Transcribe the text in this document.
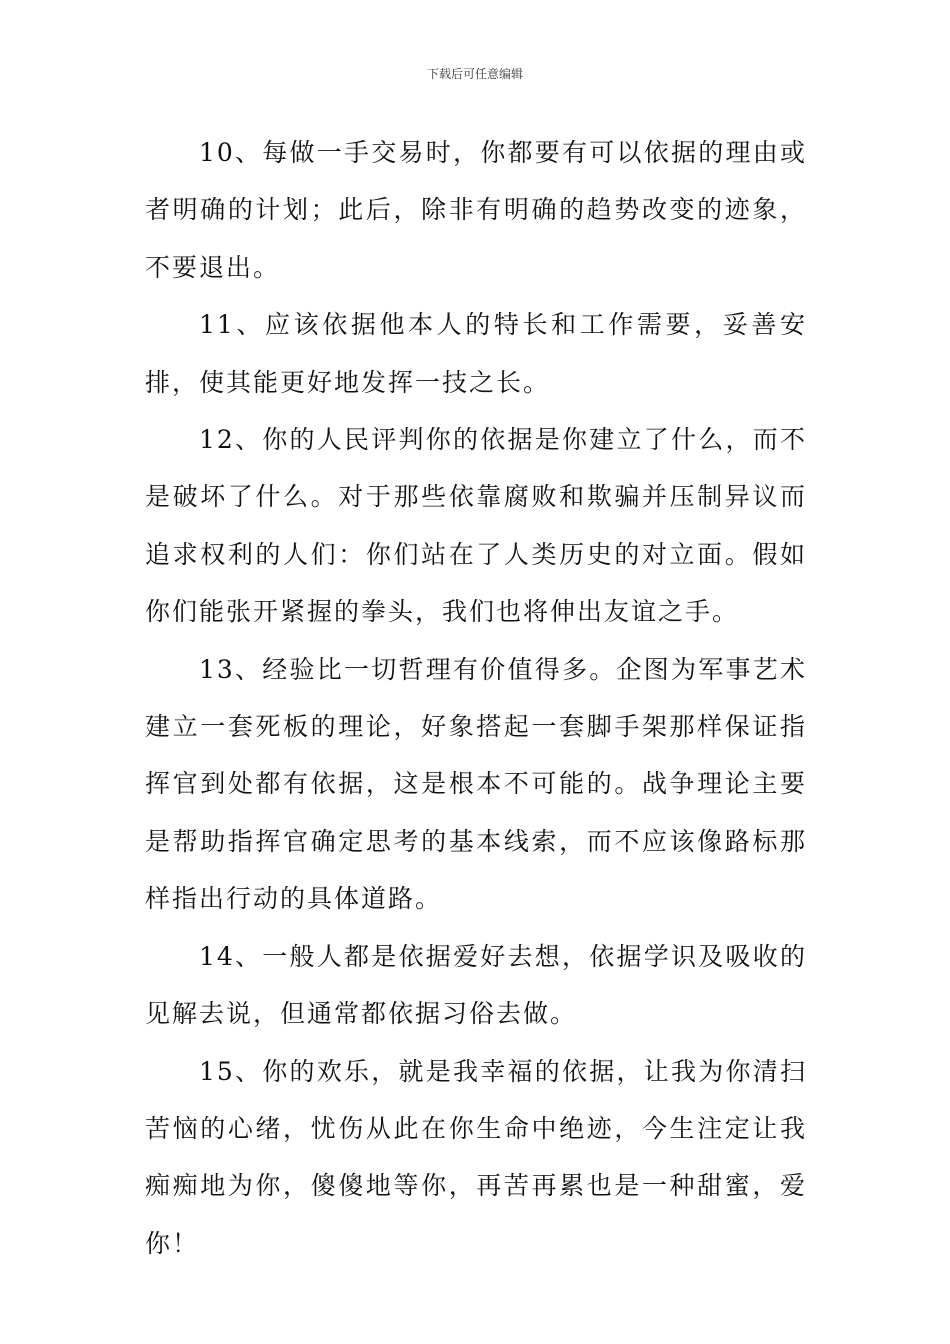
下载后可任意编辑

10、每做一手交易时，你都要有可以依据的理由或者明确的计划；此后，除非有明确的趋势改变的迹象，不要退出。

11、应该依据他本人的特长和工作需要，妥善安排，使其能更好地发挥一技之长。

12、你的人民评判你的依据是你建立了什么，而不是破坏了什么。对于那些依靠腐败和欺骗并压制异议而追求权利的人们：你们站在了人类历史的对立面。假如你们能张开紧握的拳头，我们也将伸出友谊之手。

13、经验比一切哲理有价值得多。企图为军事艺术建立一套死板的理论，好象搭起一套脚手架那样保证指挥官到处都有依据，这是根本不可能的。战争理论主要是帮助指挥官确定思考的基本线索，而不应该像路标那样指出行动的具体道路。

14、一般人都是依据爱好去想，依据学识及吸收的见解去说，但通常都依据习俗去做。

15、你的欢乐，就是我幸福的依据，让我为你清扫苦恼的心绪，忧伤从此在你生命中绝迹，今生注定让我痴痴地为你，傻傻地等你，再苦再累也是一种甜蜜，爱你！
